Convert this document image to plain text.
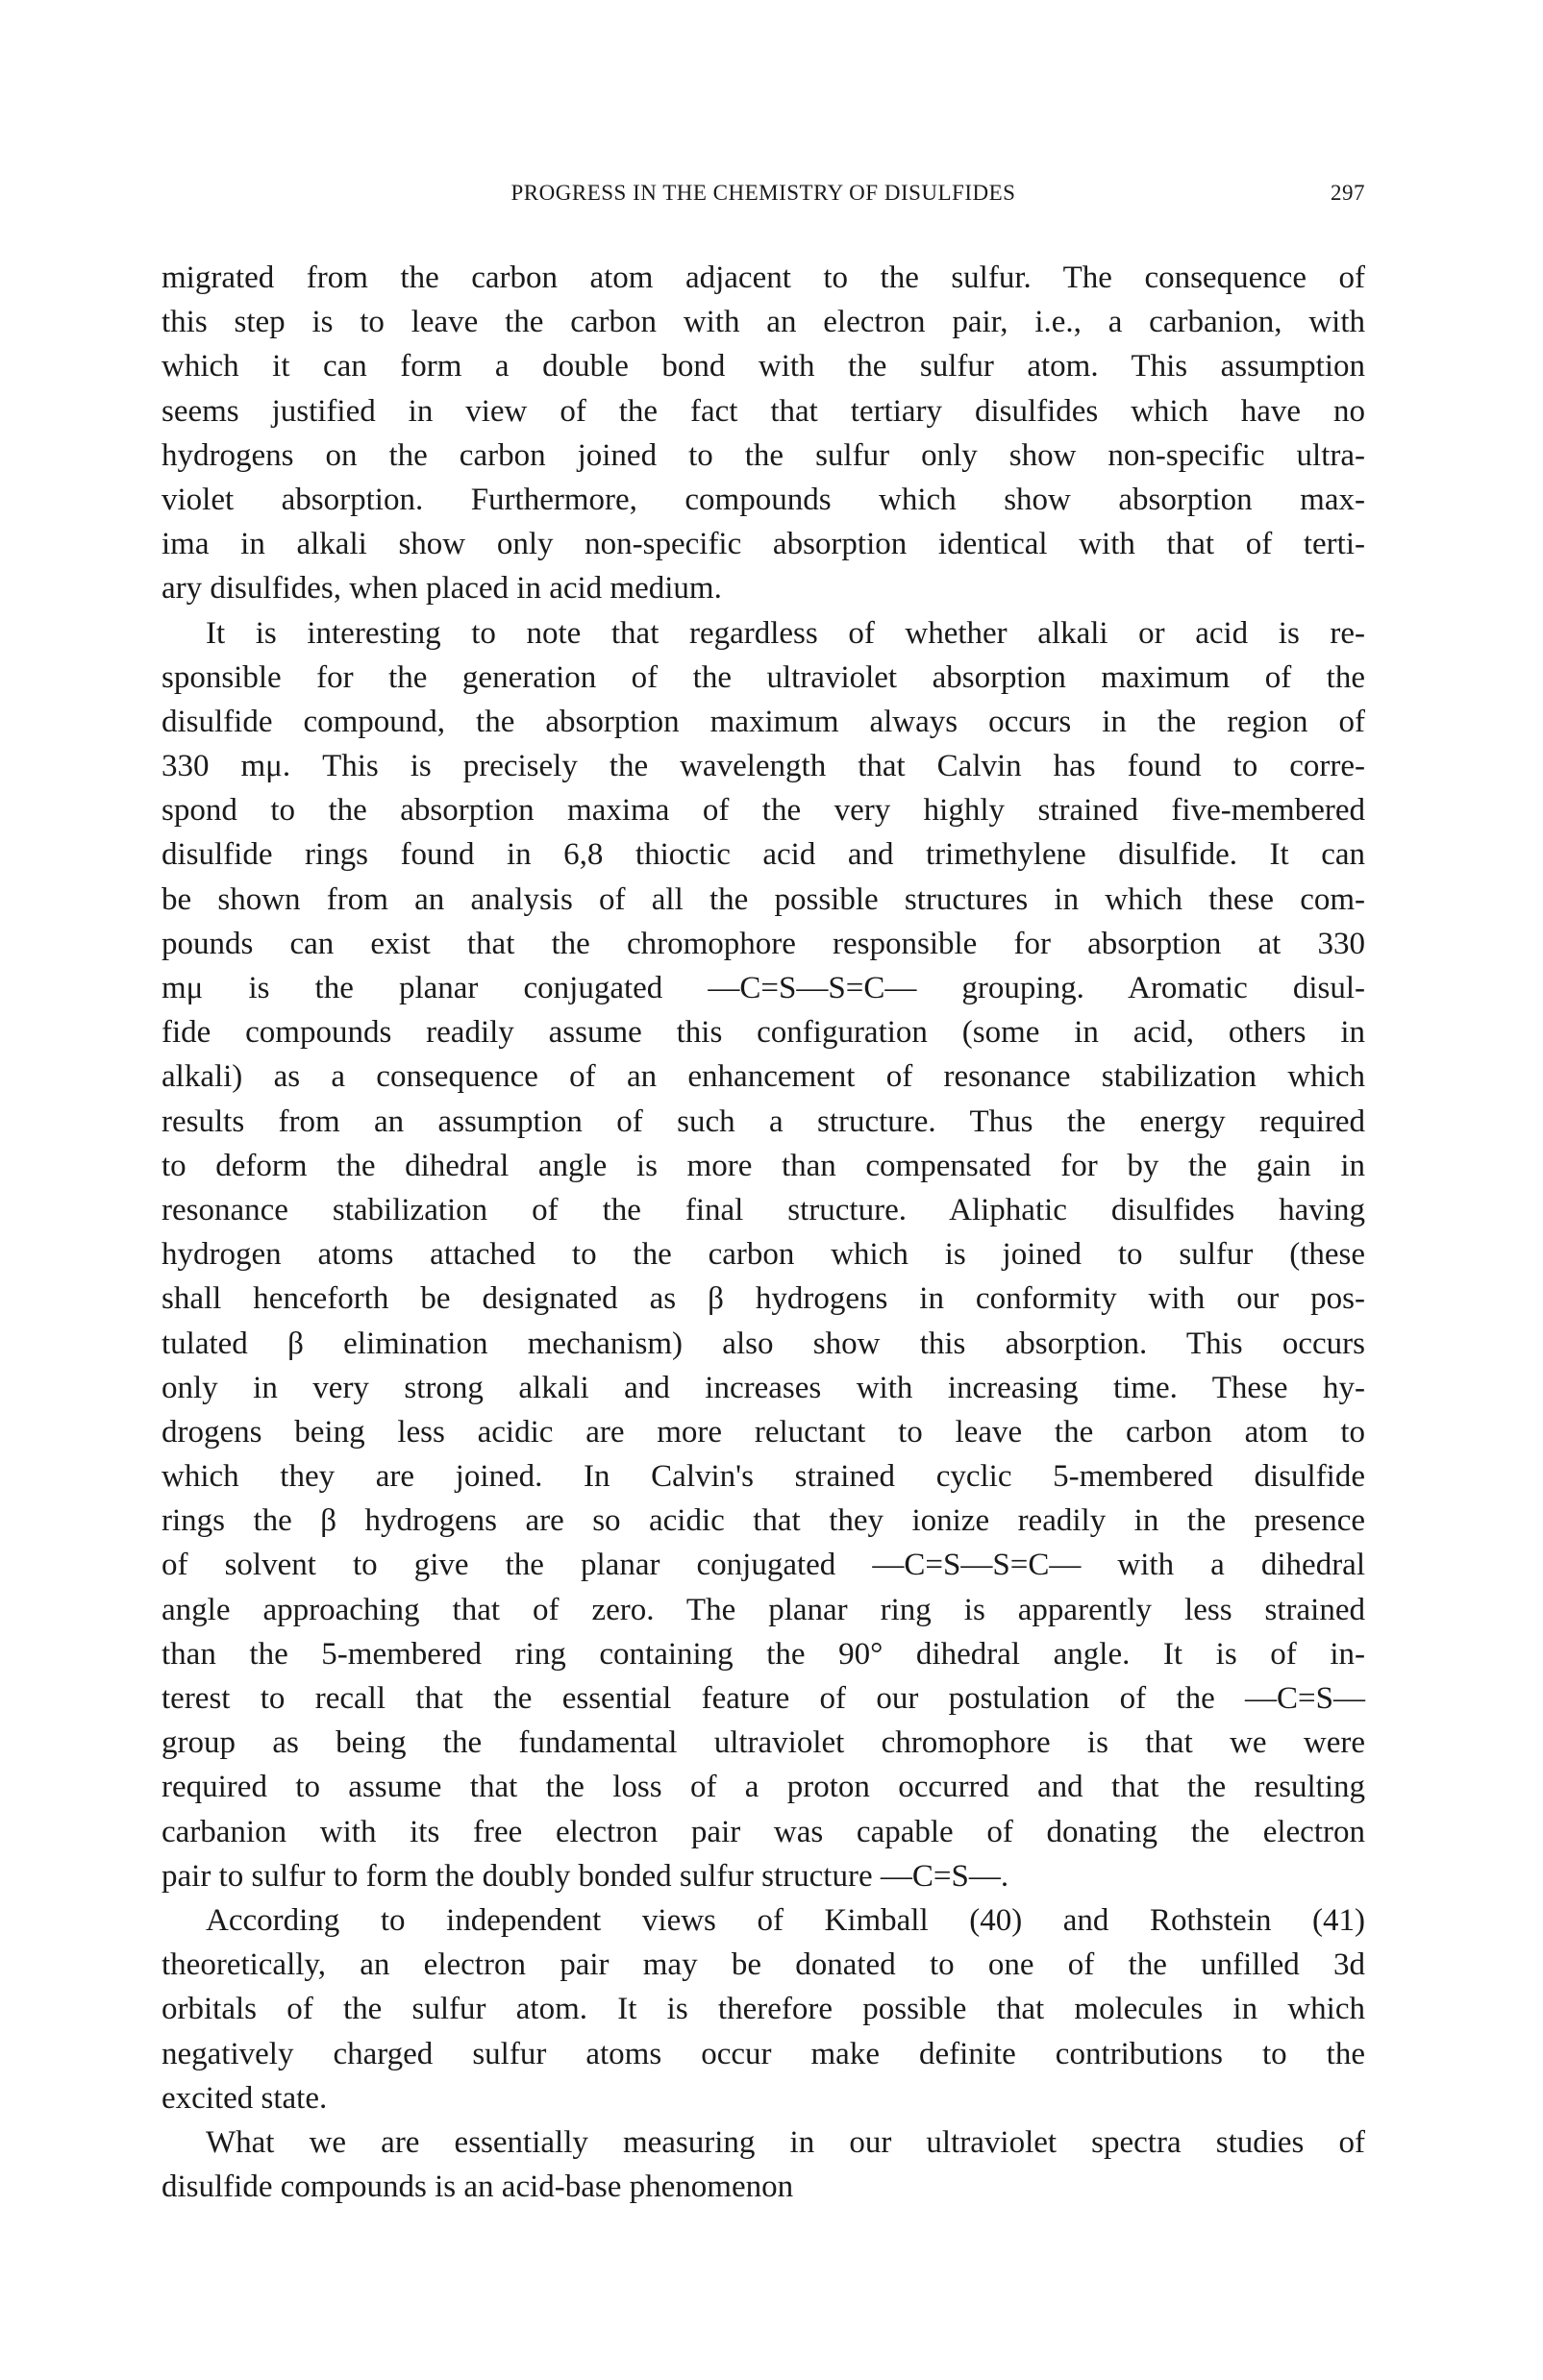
PROGRESS IN THE CHEMISTRY OF DISULFIDES	297
migrated from the carbon atom adjacent to the sulfur. The consequence of
this step is to leave the carbon with an electron pair, i.e., a carbanion, with
which it can form a double bond with the sulfur atom. This assumption
seems justified in view of the fact that tertiary disulfides which have no
hydrogens on the carbon joined to the sulfur only show non-specific ultra-
violet absorption. Furthermore, compounds which show absorption max-
ima in alkali show only non-specific absorption identical with that of terti-
ary disulfides, when placed in acid medium.
It is interesting to note that regardless of whether alkali or acid is re-
sponsible for the generation of the ultraviolet absorption maximum of the
disulfide compound, the absorption maximum always occurs in the region of
330 mμ. This is precisely the wavelength that Calvin has found to corre-
spond to the absorption maxima of the very highly strained five-membered
disulfide rings found in 6,8 thioctic acid and trimethylene disulfide. It can
be shown from an analysis of all the possible structures in which these com-
pounds can exist that the chromophore responsible for absorption at 330
mμ is the planar conjugated —C=S—S=C— grouping. Aromatic disul-
fide compounds readily assume this configuration (some in acid, others in
alkali) as a consequence of an enhancement of resonance stabilization which
results from an assumption of such a structure. Thus the energy required
to deform the dihedral angle is more than compensated for by the gain in
resonance stabilization of the final structure. Aliphatic disulfides having
hydrogen atoms attached to the carbon which is joined to sulfur (these
shall henceforth be designated as β hydrogens in conformity with our pos-
tulated β elimination mechanism) also show this absorption. This occurs
only in very strong alkali and increases with increasing time. These hy-
drogens being less acidic are more reluctant to leave the carbon atom to
which they are joined. In Calvin's strained cyclic 5-membered disulfide
rings the β hydrogens are so acidic that they ionize readily in the presence
of solvent to give the planar conjugated —C=S—S=C— with a dihedral
angle approaching that of zero. The planar ring is apparently less strained
than the 5-membered ring containing the 90° dihedral angle. It is of in-
terest to recall that the essential feature of our postulation of the —C=S—
group as being the fundamental ultraviolet chromophore is that we were
required to assume that the loss of a proton occurred and that the resulting
carbanion with its free electron pair was capable of donating the electron
pair to sulfur to form the doubly bonded sulfur structure —C=S—.
According to independent views of Kimball (40) and Rothstein (41)
theoretically, an electron pair may be donated to one of the unfilled 3d
orbitals of the sulfur atom. It is therefore possible that molecules in which
negatively charged sulfur atoms occur make definite contributions to the
excited state.
What we are essentially measuring in our ultraviolet spectra studies of
disulfide compounds is an acid-base phenomenon
